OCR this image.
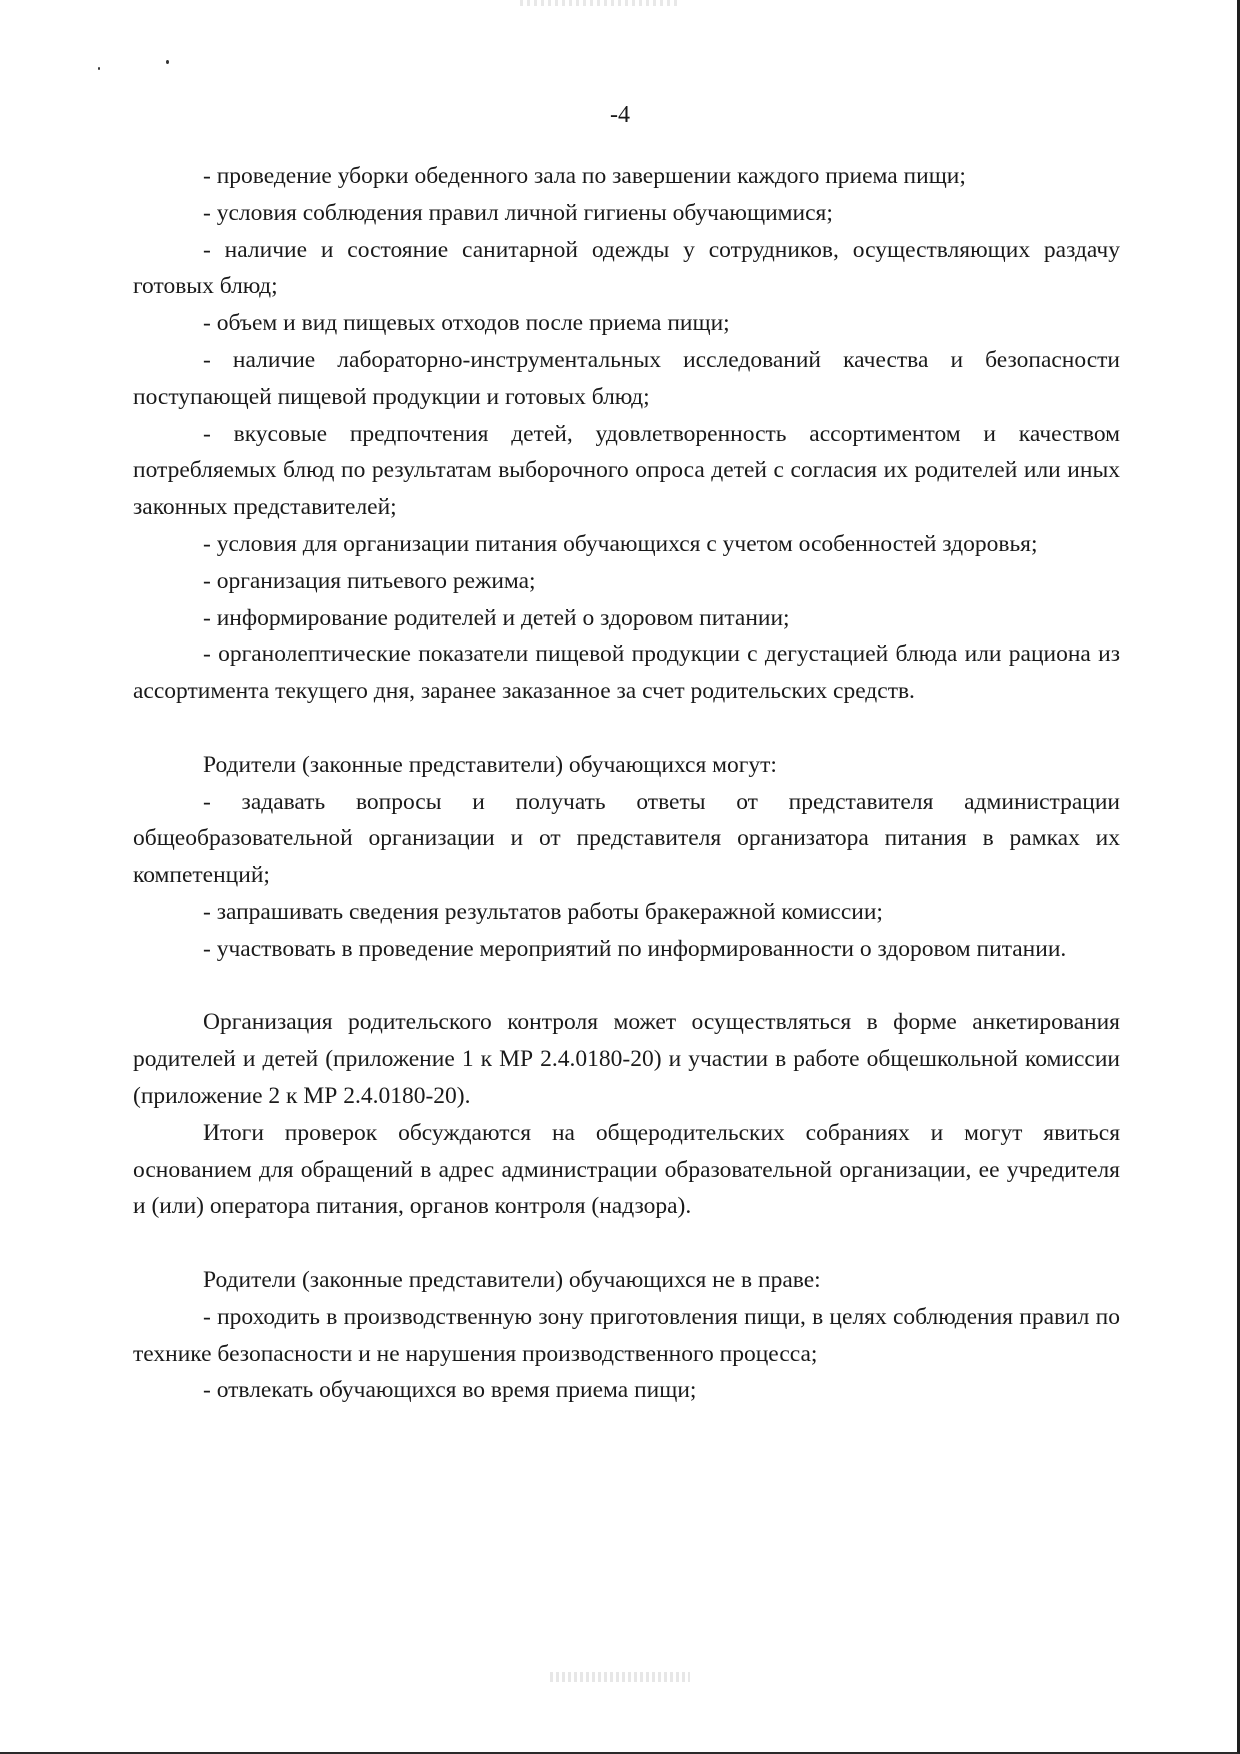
-4

- проведение уборки обеденного зала по завершении каждого приема пищи;

- условия соблюдения правил личной гигиены обучающимися;

- наличие и состояние санитарной одежды у сотрудников, осуществляющих раздачу готовых блюд;

- объем и вид пищевых отходов после приема пищи;

- наличие лабораторно-инструментальных исследований качества и безопасности поступающей пищевой продукции и готовых блюд;

- вкусовые предпочтения детей, удовлетворенность ассортиментом и качеством потребляемых блюд по результатам выборочного опроса детей с согласия их родителей или иных законных представителей;

- условия для организации питания обучающихся с учетом особенностей здоровья;

- организация питьевого режима;

- информирование родителей и детей о здоровом питании;

- органолептические показатели пищевой продукции с дегустацией блюда или рациона из ассортимента текущего дня, заранее заказанное за счет родительских средств.

Родители (законные представители) обучающихся могут:

- задавать вопросы и получать ответы от представителя администрации общеобразовательной организации и от представителя организатора питания в рамках их компетенций;

- запрашивать сведения результатов работы бракеражной комиссии;

- участвовать в проведение мероприятий по информированности о здоровом питании.

Организация родительского контроля может осуществляться в форме анкетирования родителей и детей (приложение 1 к МР 2.4.0180-20) и участии в работе общешкольной комиссии (приложение 2 к МР 2.4.0180-20).

Итоги проверок обсуждаются на общеродительских собраниях и могут явиться основанием для обращений в адрес администрации образовательной организации, ее учредителя и (или) оператора питания, органов контроля (надзора).

Родители (законные представители) обучающихся не в праве:

- проходить в производственную зону приготовления пищи, в целях соблюдения правил по технике безопасности и не нарушения производственного процесса;

- отвлекать обучающихся во время приема пищи;
